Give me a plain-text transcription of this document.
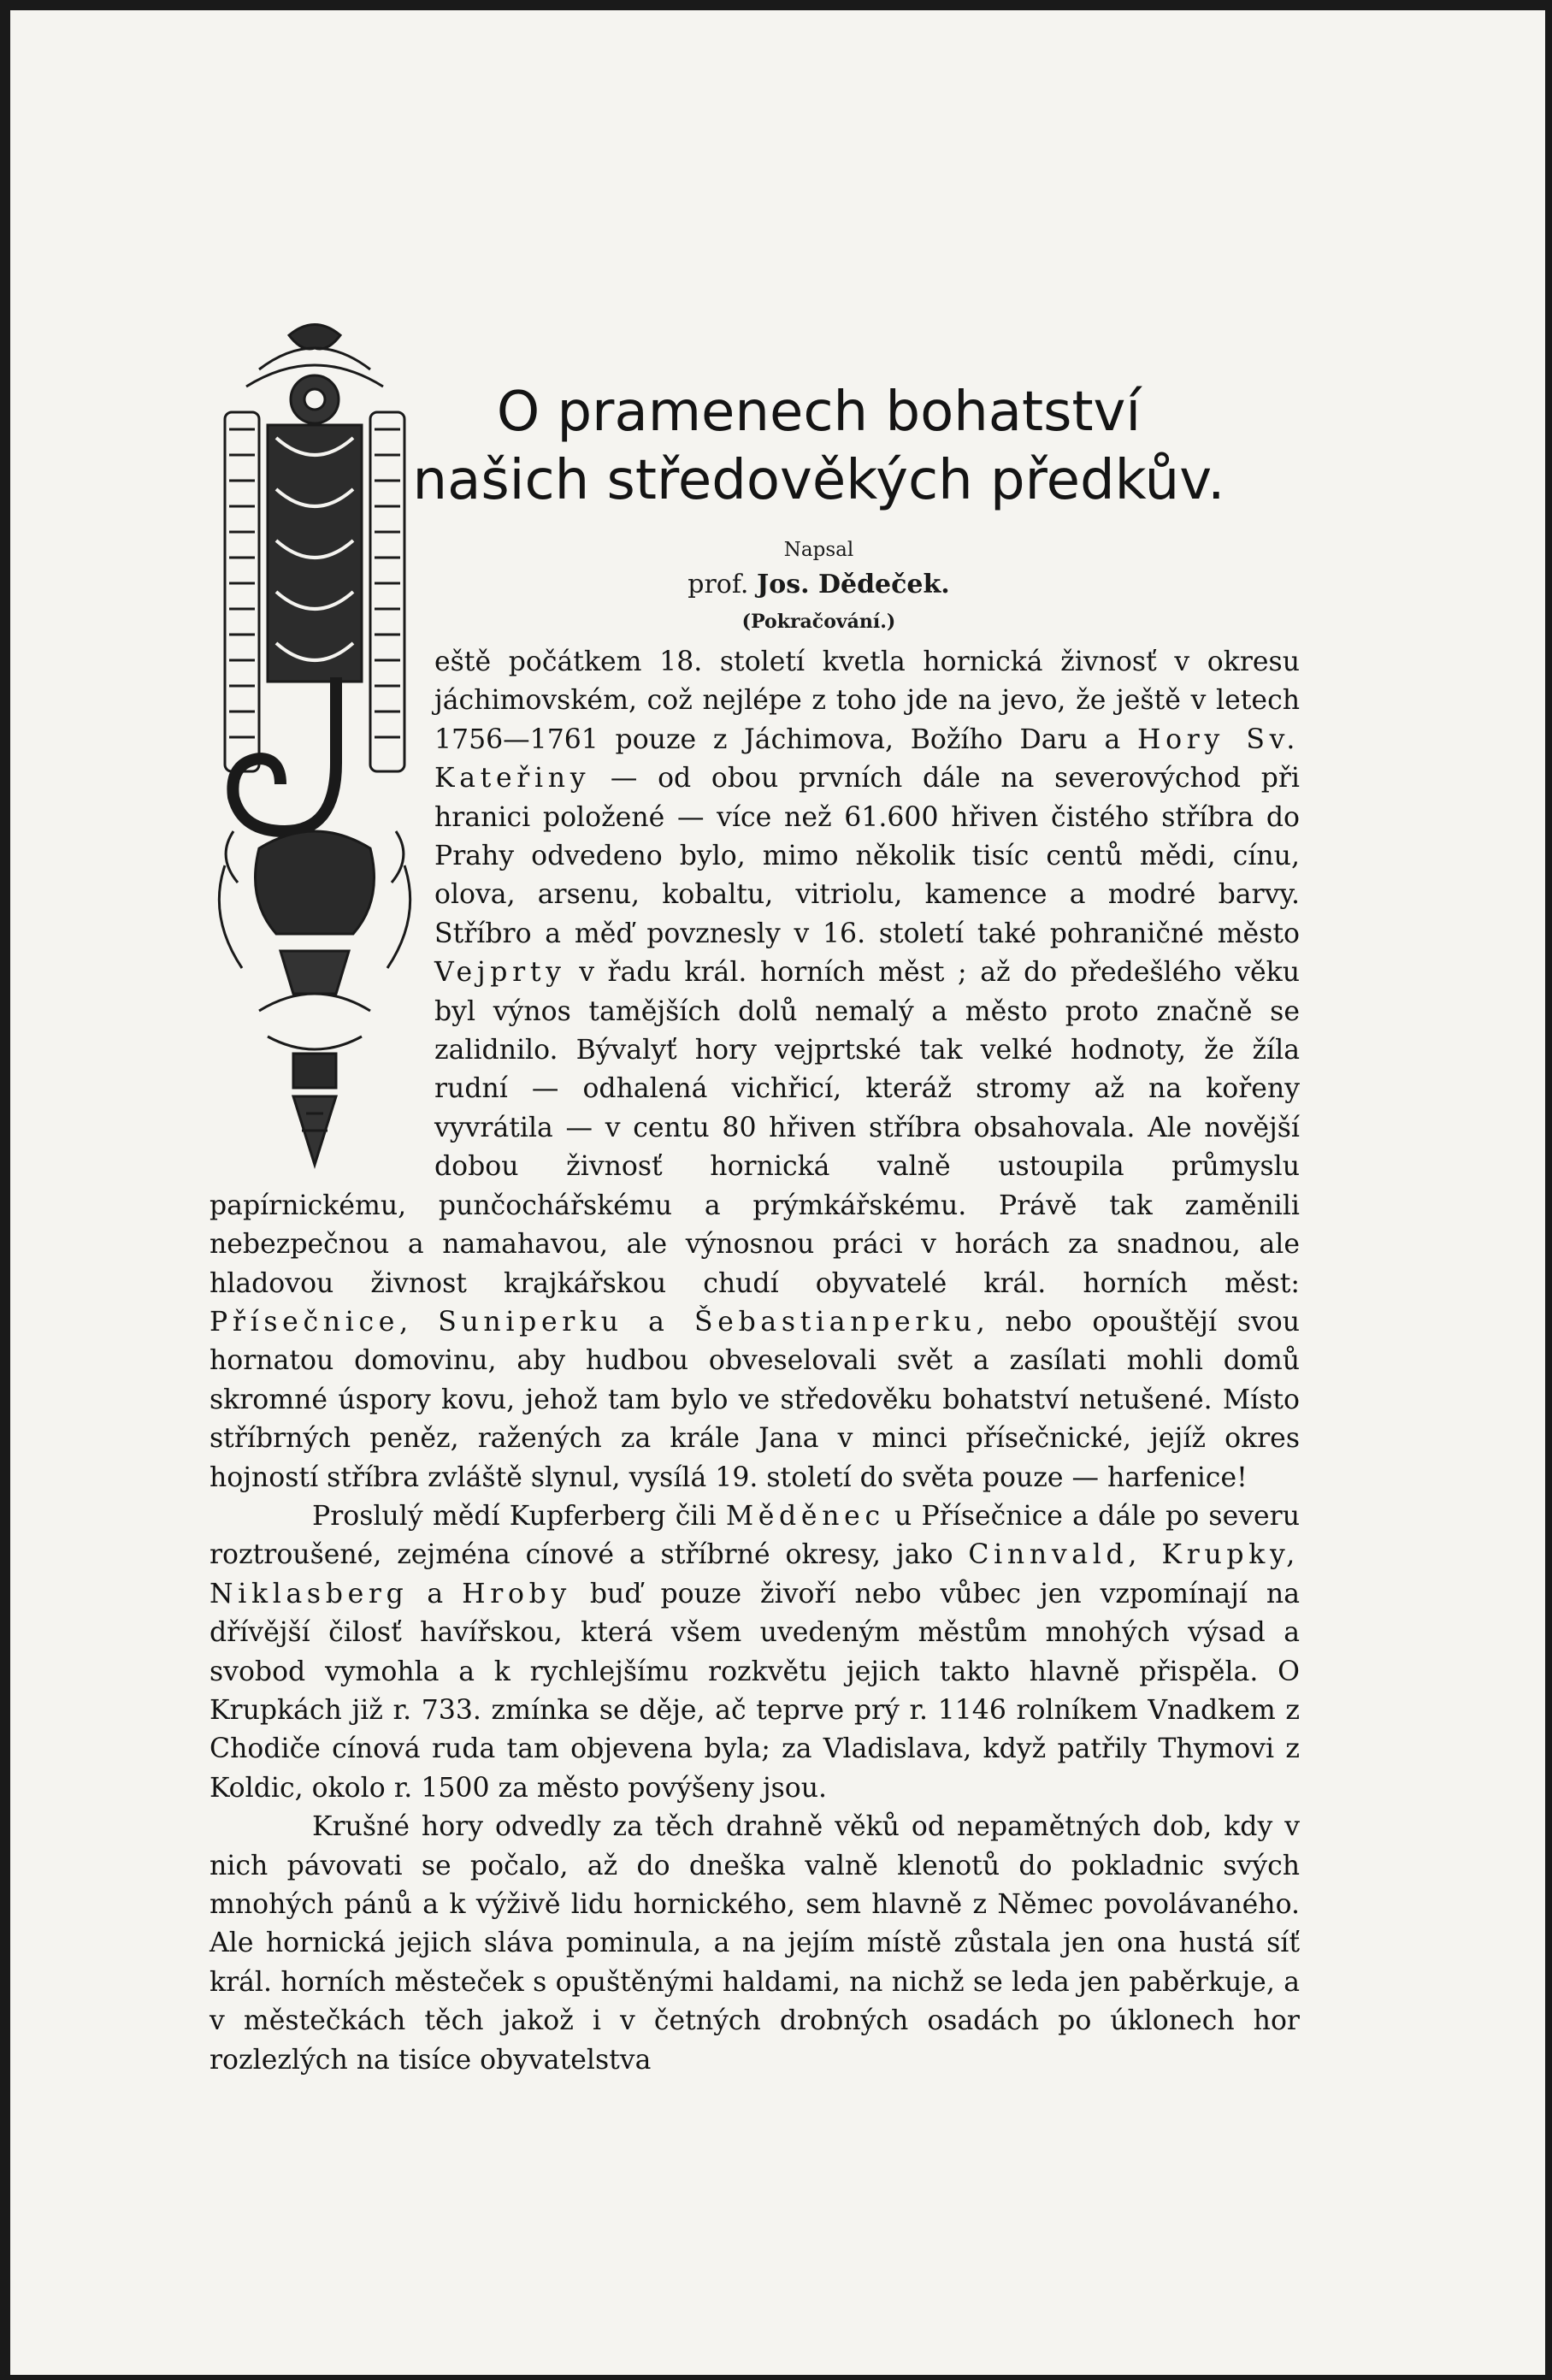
O pramenech bohatství
našich středověkých předkův.
Napsal
prof. Jos. Dědeček.
(Pokračování.)

eště počátkem 18. století kvetla hornická živnosť v okresu jáchimovském, což nejlépe z toho jde na jevo, že ještě v letech 1756—1761 pouze z Jáchimova, Božího Daru a Hory Sv. Kateřiny — od obou prvních dále na severovýchod při hranici položené — více než 61.600 hřiven čistého stříbra do Prahy odvedeno bylo, mimo několik tisíc centů mědi, cínu, olova, arsenu, kobaltu, vitriolu, kamence a modré barvy. Stříbro a měď povznesly v 16. století také pohraničné město Vejprty v řadu král. horních měst ; až do předešlého věku byl výnos tamějších dolů nemalý a město proto značně se zalidnilo. Bývalyť hory vejprtské tak velké hodnoty, že žíla rudní — odhalená vichřicí, kteráž stromy až na kořeny vyvrátila — v centu 80 hřiven stříbra obsahovala. Ale novější dobou živnosť hornická valně ustoupila průmyslu papírnickému, punčochářskému a prýmkářskému. Právě tak zaměnili nebezpečnou a namahavou, ale výnosnou práci v horách za snadnou, ale hladovou živnost krajkářskou chudí obyvatelé král. horních měst: Přísečnice, Suniperku a Šebastianperku, nebo opouštějí svou hornatou domovinu, aby hudbou obveselovali svět a zasílati mohli domů skromné úspory kovu, jehož tam bylo ve středověku bohatství netušené. Místo stříbrných peněz, ražených za krále Jana v minci přísečnické, jejíž okres hojností stříbra zvláště slynul, vysílá 19. století do světa pouze — harfenice!

Proslulý mědí Kupferberg čili Měděnec u Přísečnice a dále po severu roztroušené, zejména cínové a stříbrné okresy, jako Cinnvald, Krupky, Niklasberg a Hroby buď pouze živoří nebo vůbec jen vzpomínají na dřívější čilosť havířskou, která všem uvedeným městům mnohých výsad a svobod vymohla a k rychlejšímu rozkvětu jejich takto hlavně přispěla. O Krupkách již r. 733. zmínka se děje, ač teprve prý r. 1146 rolníkem Vnadkem z Chodiče cínová ruda tam objevena byla; za Vladislava, když patřily Thymovi z Koldic, okolo r. 1500 za město povýšeny jsou.

Krušné hory odvedly za těch drahně věků od nepamětných dob, kdy v nich pávovati se počalo, až do dneška valně klenotů do pokladnic svých mnohých pánů a k výživě lidu hornického, sem hlavně z Němec povolávaného. Ale hornická jejich sláva pominula, a na jejím místě zůstala jen ona hustá síť král. horních městeček s opuštěnými haldami, na nichž se leda jen paběrkuje, a v městečkách těch jakož i v četných drobných osadách po úklonech hor rozlezlých na tisíce obyvatelstva
